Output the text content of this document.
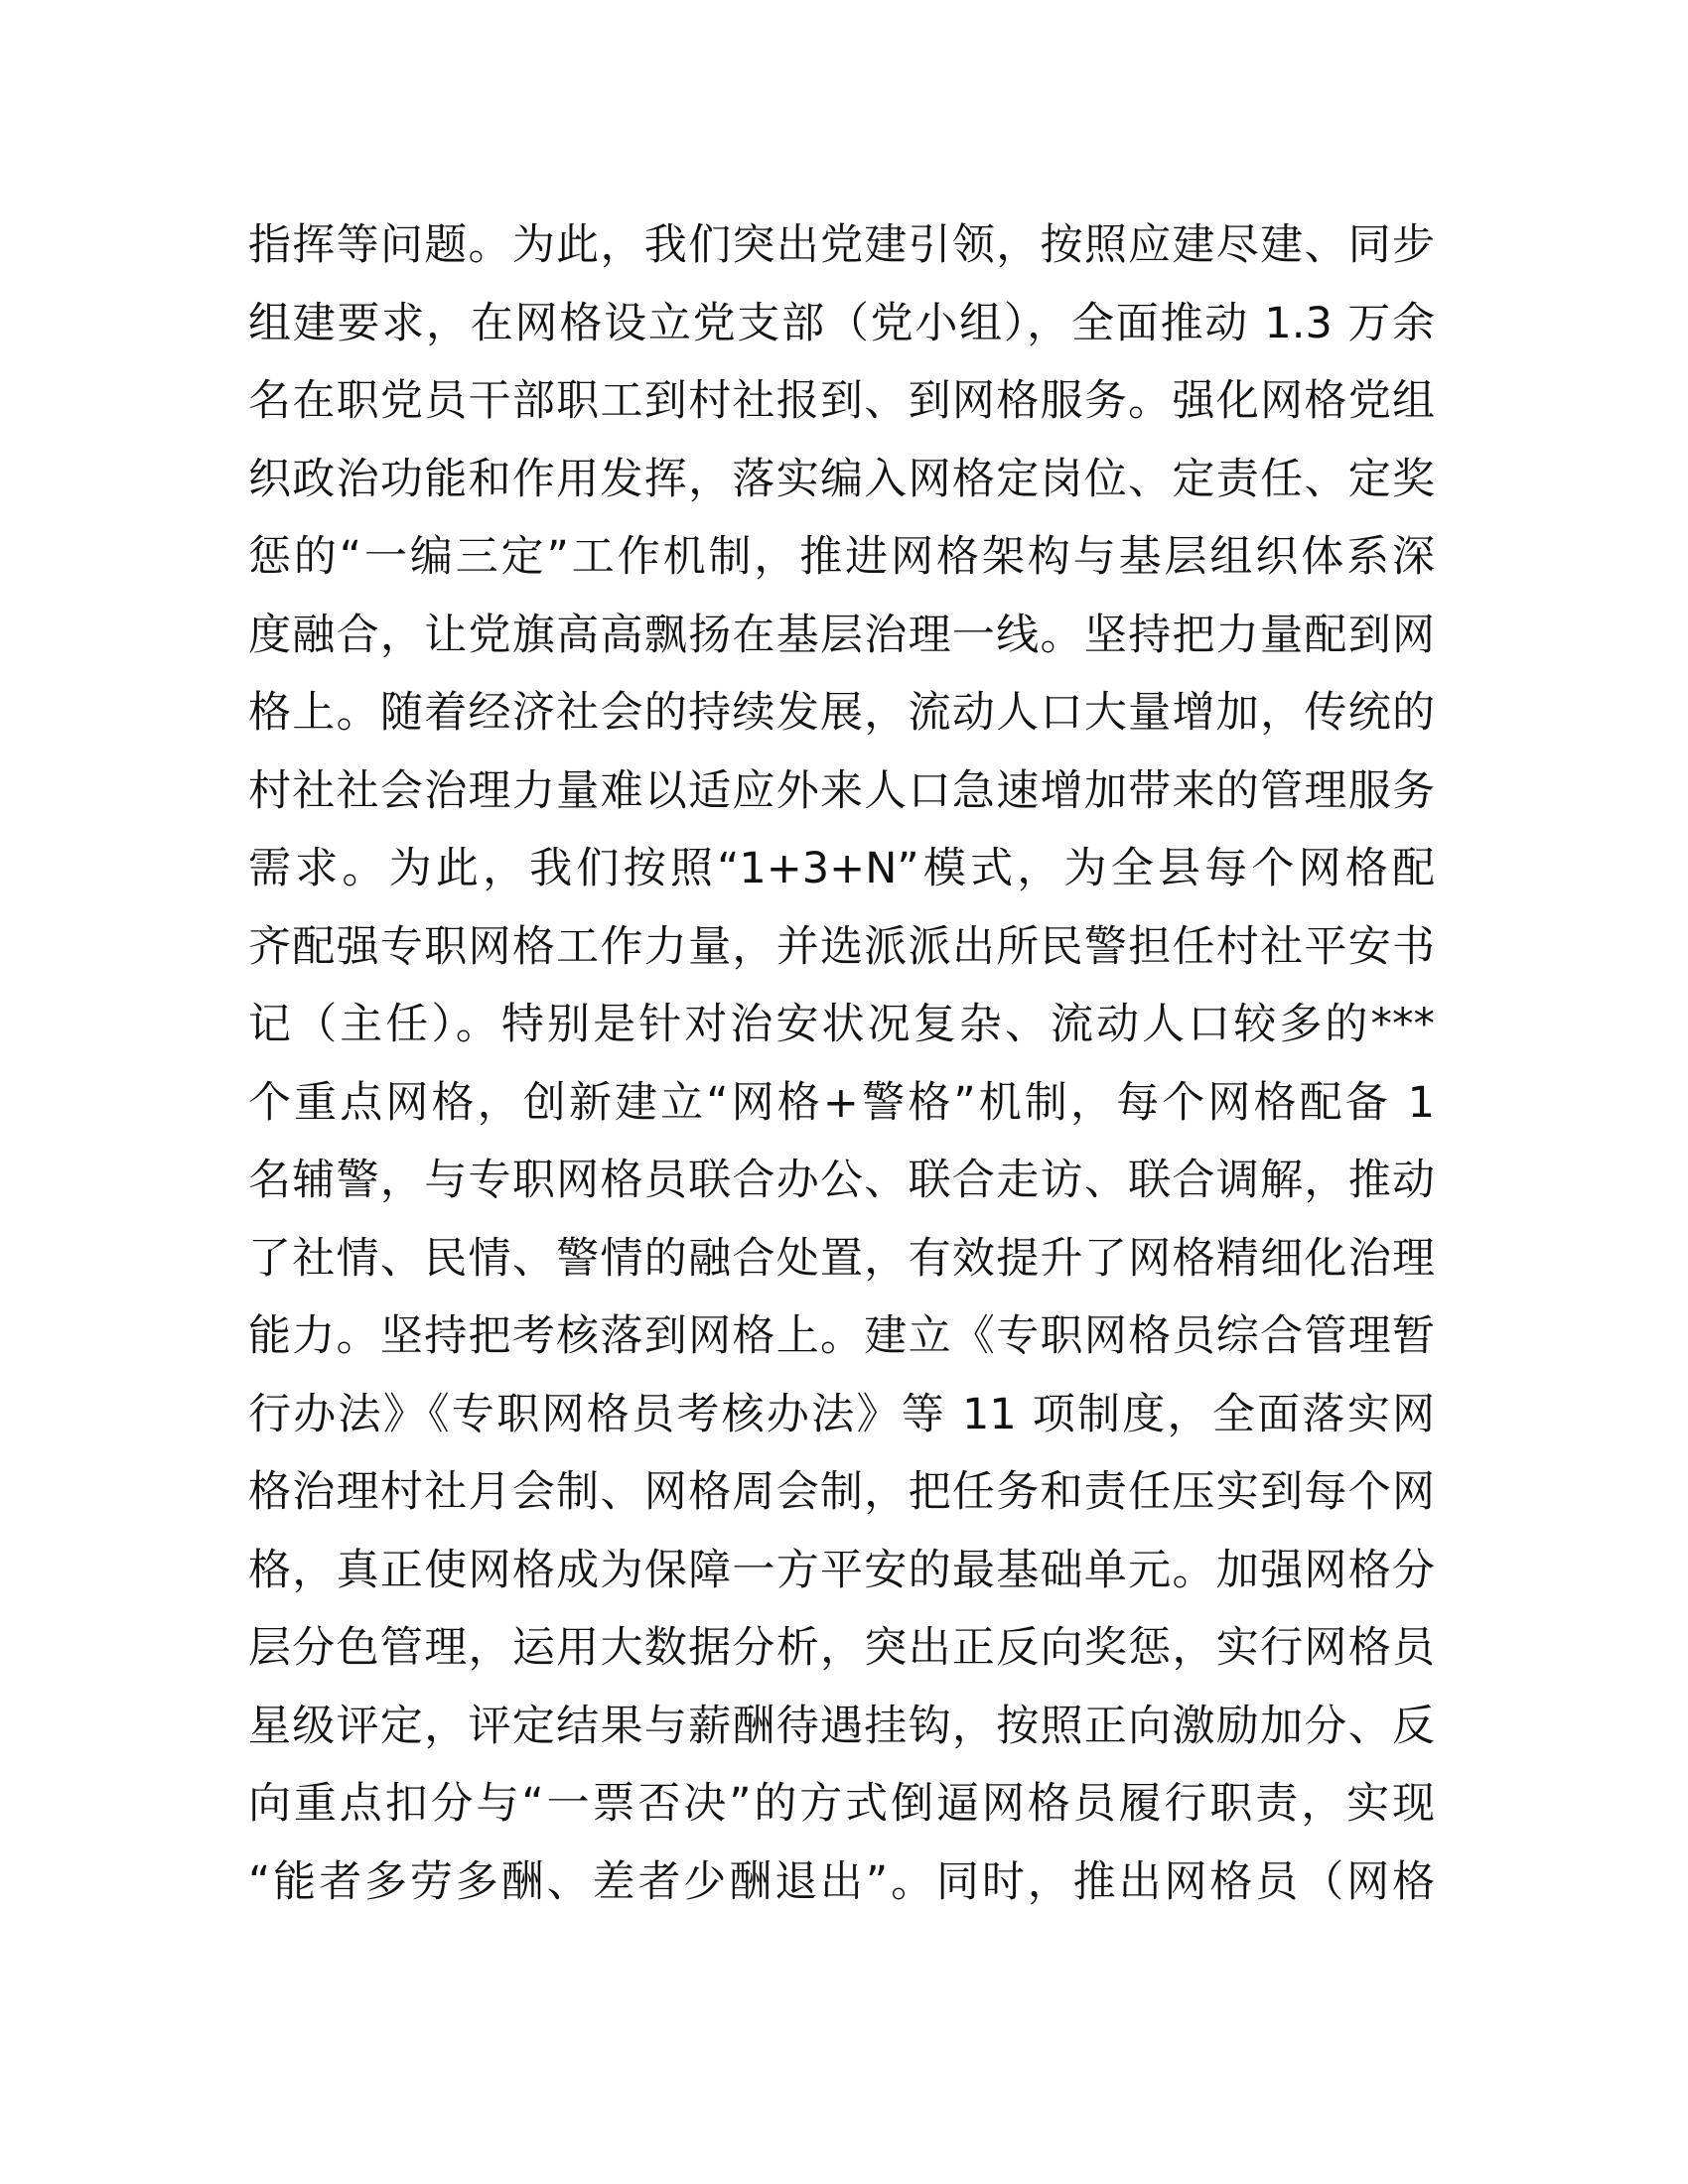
指挥等问题。为此，我们突出党建引领，按照应建尽建、同步
组建要求，在网格设立党支部（党小组），全面推动 1.3 万余
名在职党员干部职工到村社报到、到网格服务。强化网格党组
织政治功能和作用发挥，落实编入网格定岗位、定责任、定奖
惩的“一编三定”工作机制，推进网格架构与基层组织体系深
度融合，让党旗高高飘扬在基层治理一线。坚持把力量配到网
格上。随着经济社会的持续发展，流动人口大量增加，传统的
村社社会治理力量难以适应外来人口急速增加带来的管理服务
需求。为此，我们按照“1+3+N”模式，为全县每个网格配
齐配强专职网格工作力量，并选派派出所民警担任村社平安书
记（主任）。特别是针对治安状况复杂、流动人口较多的***
个重点网格，创新建立“网格+警格”机制，每个网格配备 1
名辅警，与专职网格员联合办公、联合走访、联合调解，推动
了社情、民情、警情的融合处置，有效提升了网格精细化治理
能力。坚持把考核落到网格上。建立《专职网格员综合管理暂
行办法》《专职网格员考核办法》等 11 项制度，全面落实网
格治理村社月会制、网格周会制，把任务和责任压实到每个网
格，真正使网格成为保障一方平安的最基础单元。加强网格分
层分色管理，运用大数据分析，突出正反向奖惩，实行网格员
星级评定，评定结果与薪酬待遇挂钩，按照正向激励加分、反
向重点扣分与“一票否决”的方式倒逼网格员履行职责，实现
“能者多劳多酬、差者少酬退出”。同时，推出网格员（网格
